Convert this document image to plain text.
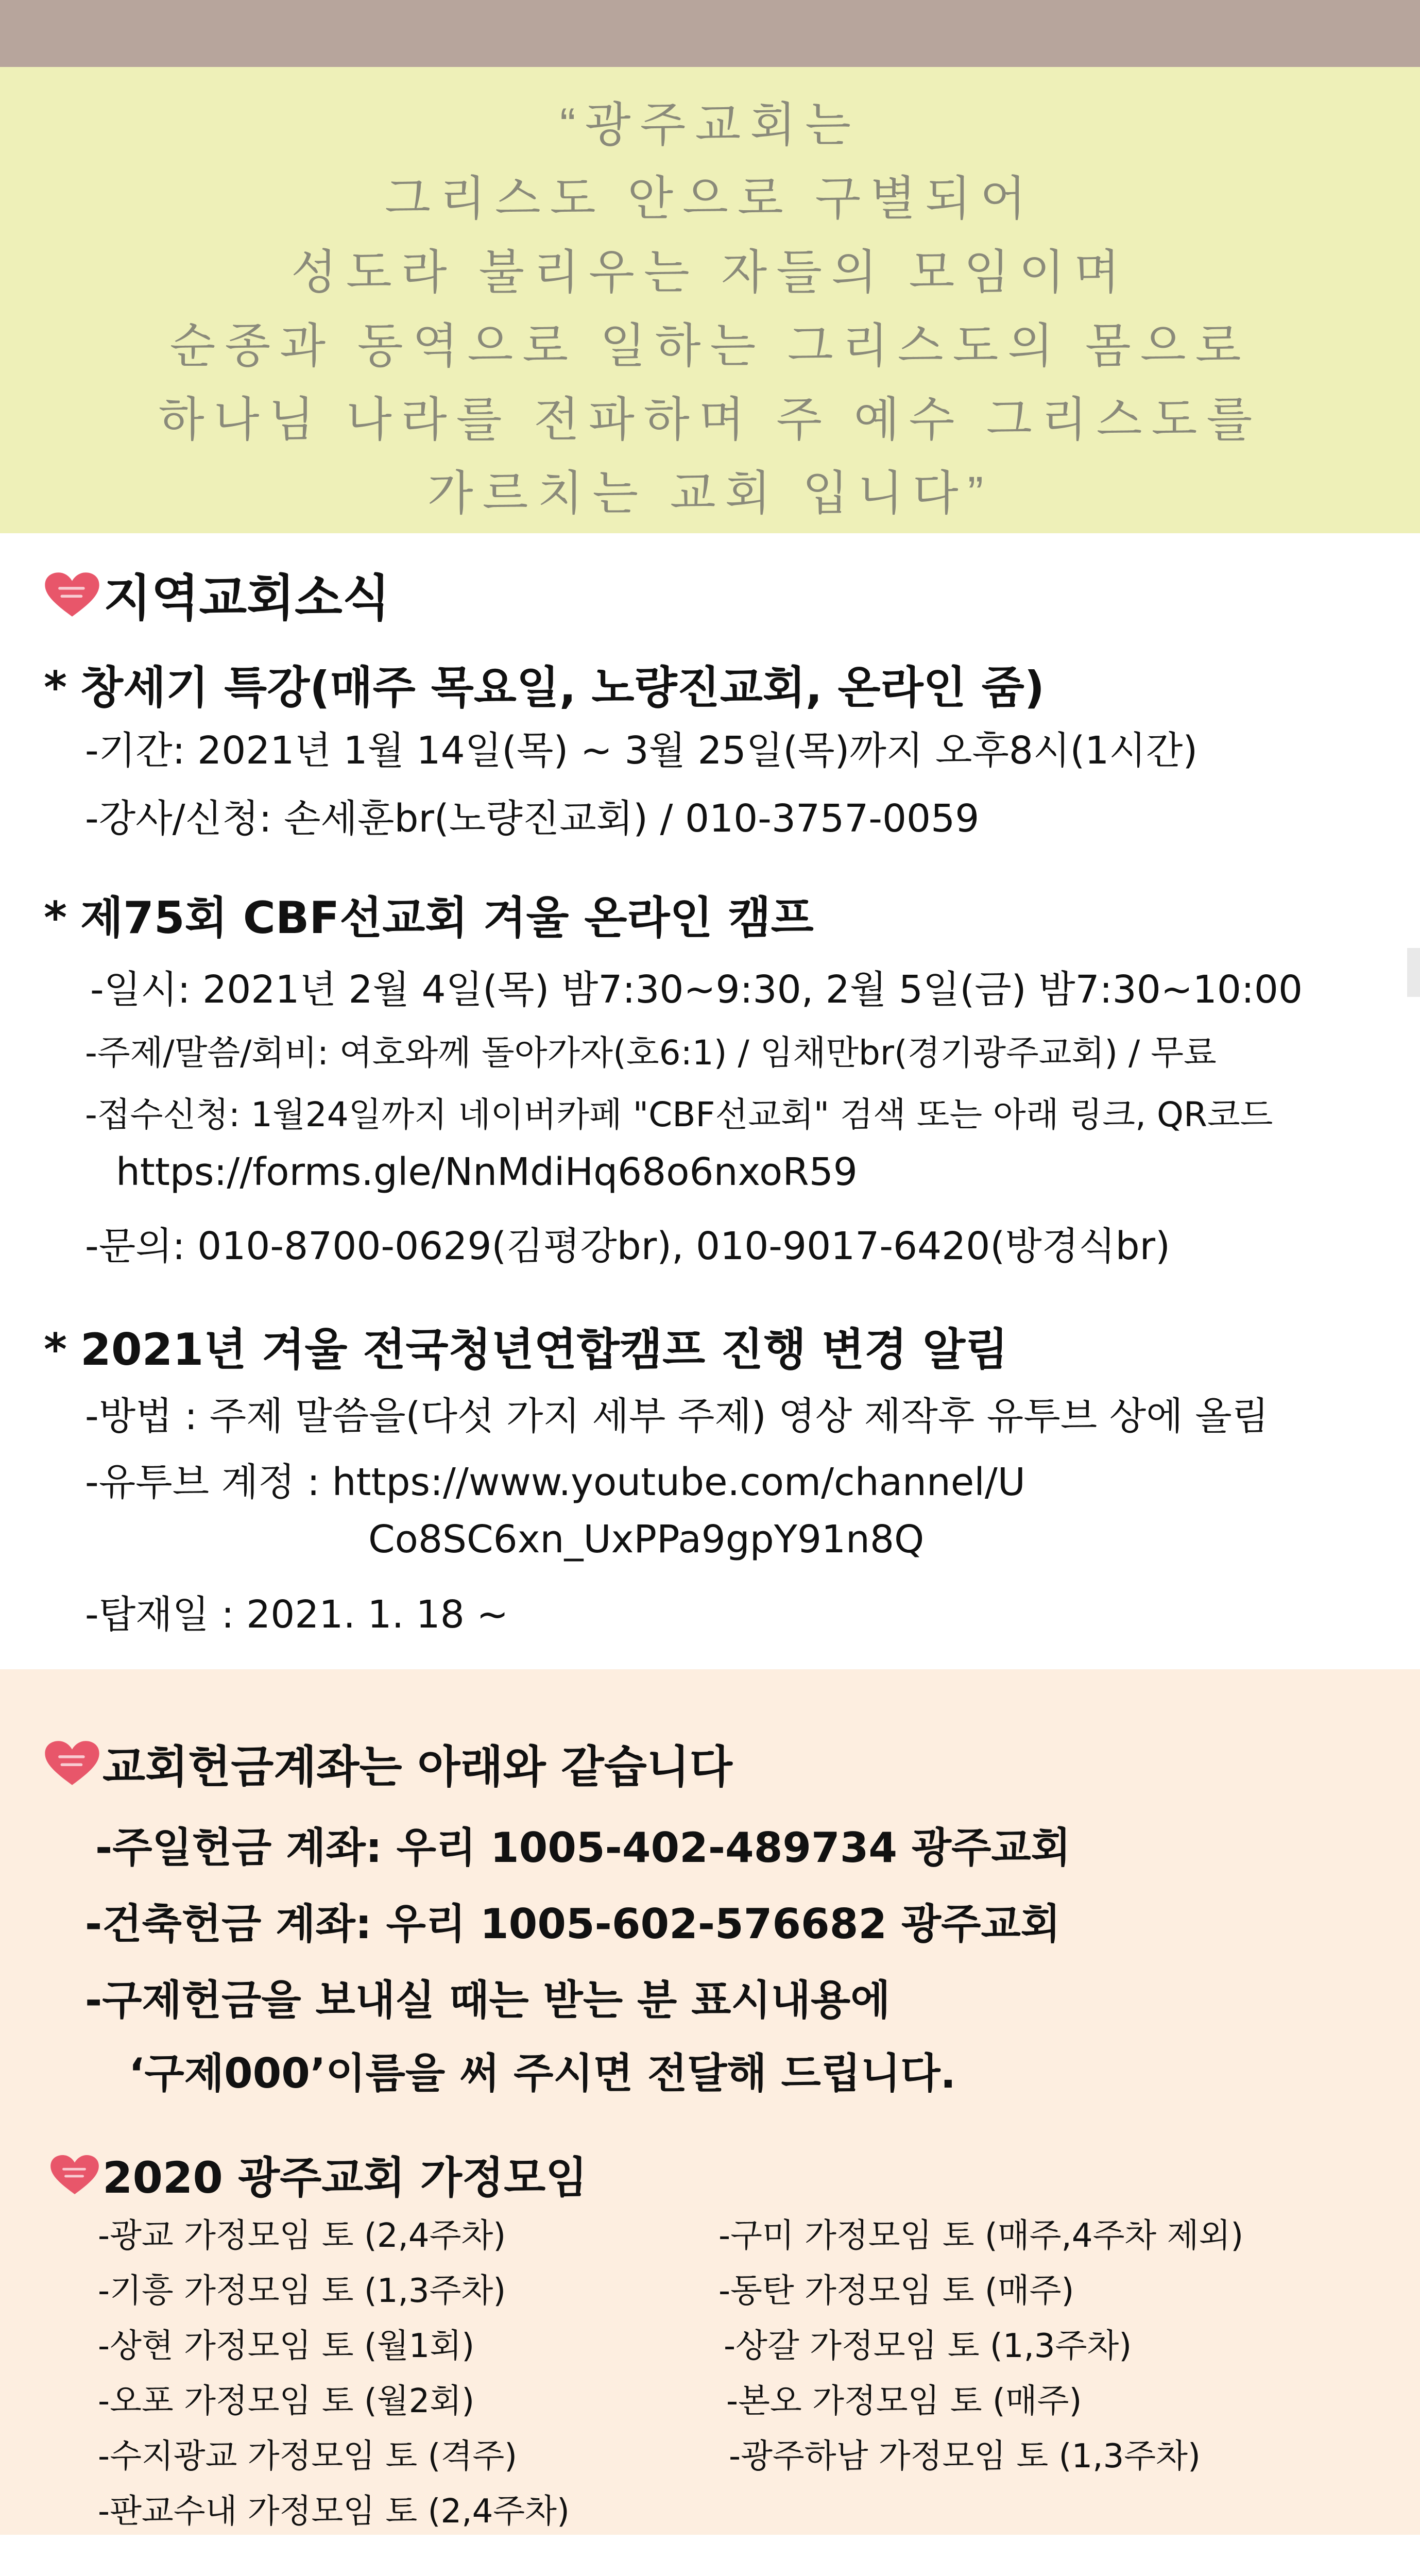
“광주교회는
그리스도 안으로 구별되어
성도라 불리우는 자들의 모임이며
순종과 동역으로 일하는 그리스도의 몸으로
하나님 나라를 전파하며 주 예수 그리스도를
가르치는 교회 입니다”
지역교회소식
* 창세기 특강(매주 목요일, 노량진교회, 온라인 줌)
-기간: 2021년 1월 14일(목) ~ 3월 25일(목)까지 오후8시(1시간)
-강사/신청: 손세훈br(노량진교회) / 010-3757-0059
* 제75회 CBF선교회 겨울 온라인 캠프
-일시: 2021년 2월 4일(목) 밤7:30~9:30, 2월 5일(금) 밤7:30~10:00
-주제/말씀/회비: 여호와께 돌아가자(호6:1) / 임채만br(경기광주교회) / 무료
-접수신청: 1월24일까지 네이버카페 "CBF선교회" 검색 또는 아래 링크, QR코드
https://forms.gle/NnMdiHq68o6nxoR59
-문의: 010-8700-0629(김평강br), 010-9017-6420(방경식br)
* 2021년 겨울 전국청년연합캠프 진행 변경 알림
-방법 : 주제 말씀을(다섯 가지 세부 주제) 영상 제작후 유투브 상에 올림
-유투브 계정 : https://www.youtube.com/channel/U
Co8SC6xn_UxPPa9gpY91n8Q
-탑재일 : 2021. 1. 18 ~
교회헌금계좌는 아래와 같습니다
-주일헌금 계좌: 우리 1005-402-489734 광주교회
-건축헌금 계좌: 우리 1005-602-576682 광주교회
-구제헌금을 보내실 때는 받는 분 표시내용에
‘구제000’이름을 써 주시면 전달해 드립니다.
2020 광주교회 가정모임
-광교 가정모임 토 (2,4주차)
-기흥 가정모임 토 (1,3주차)
-상현 가정모임 토 (월1회)
-오포 가정모임 토 (월2회)
-수지광교 가정모임 토 (격주)
-판교수내 가정모임 토 (2,4주차)
-구미 가정모임 토 (매주,4주차 제외)
-동탄 가정모임 토 (매주)
-상갈 가정모임 토 (1,3주차)
-본오 가정모임 토 (매주)
-광주하남 가정모임 토 (1,3주차)
